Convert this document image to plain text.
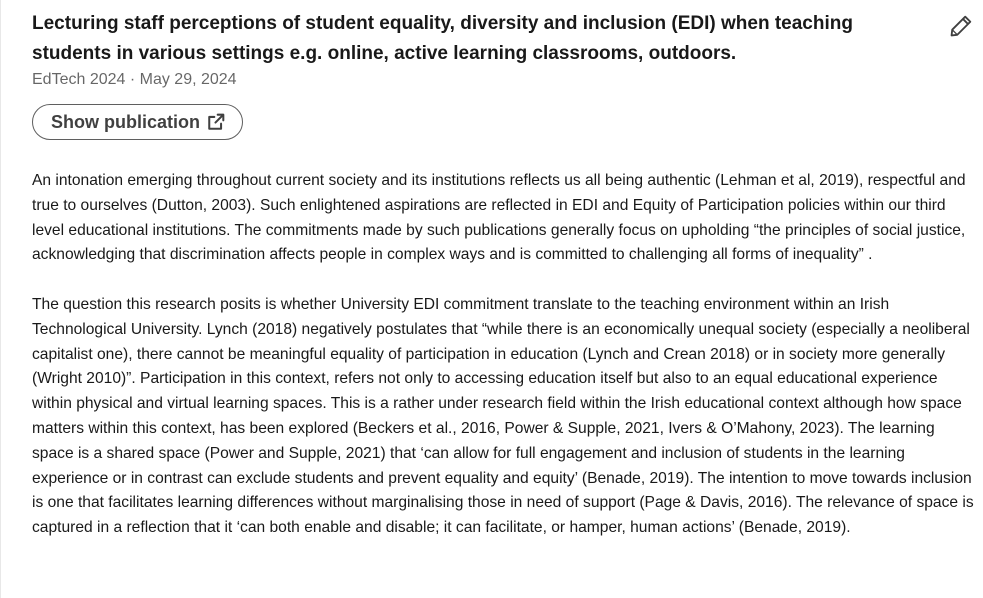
Lecturing staff perceptions of student equality, diversity and inclusion (EDI) when teaching students in various settings e.g. online, active learning classrooms, outdoors.
EdTech 2024 · May 29, 2024
Show publication

An intonation emerging throughout current society and its institutions reflects us all being authentic (Lehman et al, 2019), respectful and true to ourselves (Dutton, 2003). Such enlightened aspirations are reflected in EDI and Equity of Participation policies within our third level educational institutions. The commitments made by such publications generally focus on upholding “the principles of social justice, acknowledging that discrimination affects people in complex ways and is committed to challenging all forms of inequality” .

The question this research posits is whether University EDI commitment translate to the teaching environment within an Irish Technological University. Lynch (2018) negatively postulates that “while there is an economically unequal society (especially a neoliberal capitalist one), there cannot be meaningful equality of participation in education (Lynch and Crean 2018) or in society more generally (Wright 2010)”. Participation in this context, refers not only to accessing education itself but also to an equal educational experience within physical and virtual learning spaces. This is a rather under research field within the Irish educational context although how space matters within this context, has been explored (Beckers et al., 2016, Power & Supple, 2021, Ivers & O’Mahony, 2023). The learning space is a shared space (Power and Supple, 2021) that ‘can allow for full engagement and inclusion of students in the learning experience or in contrast can exclude students and prevent equality and equity’ (Benade, 2019). The intention to move towards inclusion is one that facilitates learning differences without marginalising those in need of support (Page & Davis, 2016). The relevance of space is captured in a reflection that it ‘can both enable and disable; it can facilitate, or hamper, human actions’ (Benade, 2019).
